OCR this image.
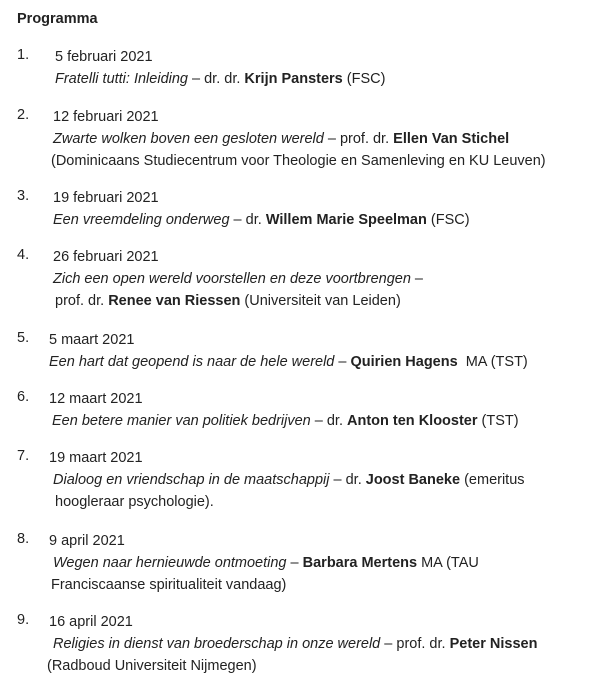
Programma
1. 5 februari 2021
Fratelli tutti: Inleiding – dr. dr. Krijn Pansters (FSC)
2. 12 februari 2021
Zwarte wolken boven een gesloten wereld – prof. dr. Ellen Van Stichel
(Dominicaans Studiecentrum voor Theologie en Samenleving en KU Leuven)
3. 19 februari 2021
Een vreemdeling onderweg – dr. Willem Marie Speelman (FSC)
4. 26 februari 2021
Zich een open wereld voorstellen en deze voortbrengen –
prof. dr. Renee van Riessen (Universiteit van Leiden)
5. 5 maart 2021
Een hart dat geopend is naar de hele wereld – Quirien Hagens  MA (TST)
6. 12 maart 2021
Een betere manier van politiek bedrijven – dr. Anton ten Klooster (TST)
7. 19 maart 2021
Dialoog en vriendschap in de maatschappij – dr. Joost Baneke (emeritus
hoogleraar psychologie).
8. 9 april 2021
Wegen naar hernieuwde ontmoeting – Barbara Mertens MA (TAU
Franciscaanse spiritualiteit vandaag)
9. 16 april 2021
Religies in dienst van broederschap in onze wereld – prof. dr. Peter Nissen
(Radboud Universiteit Nijmegen)
